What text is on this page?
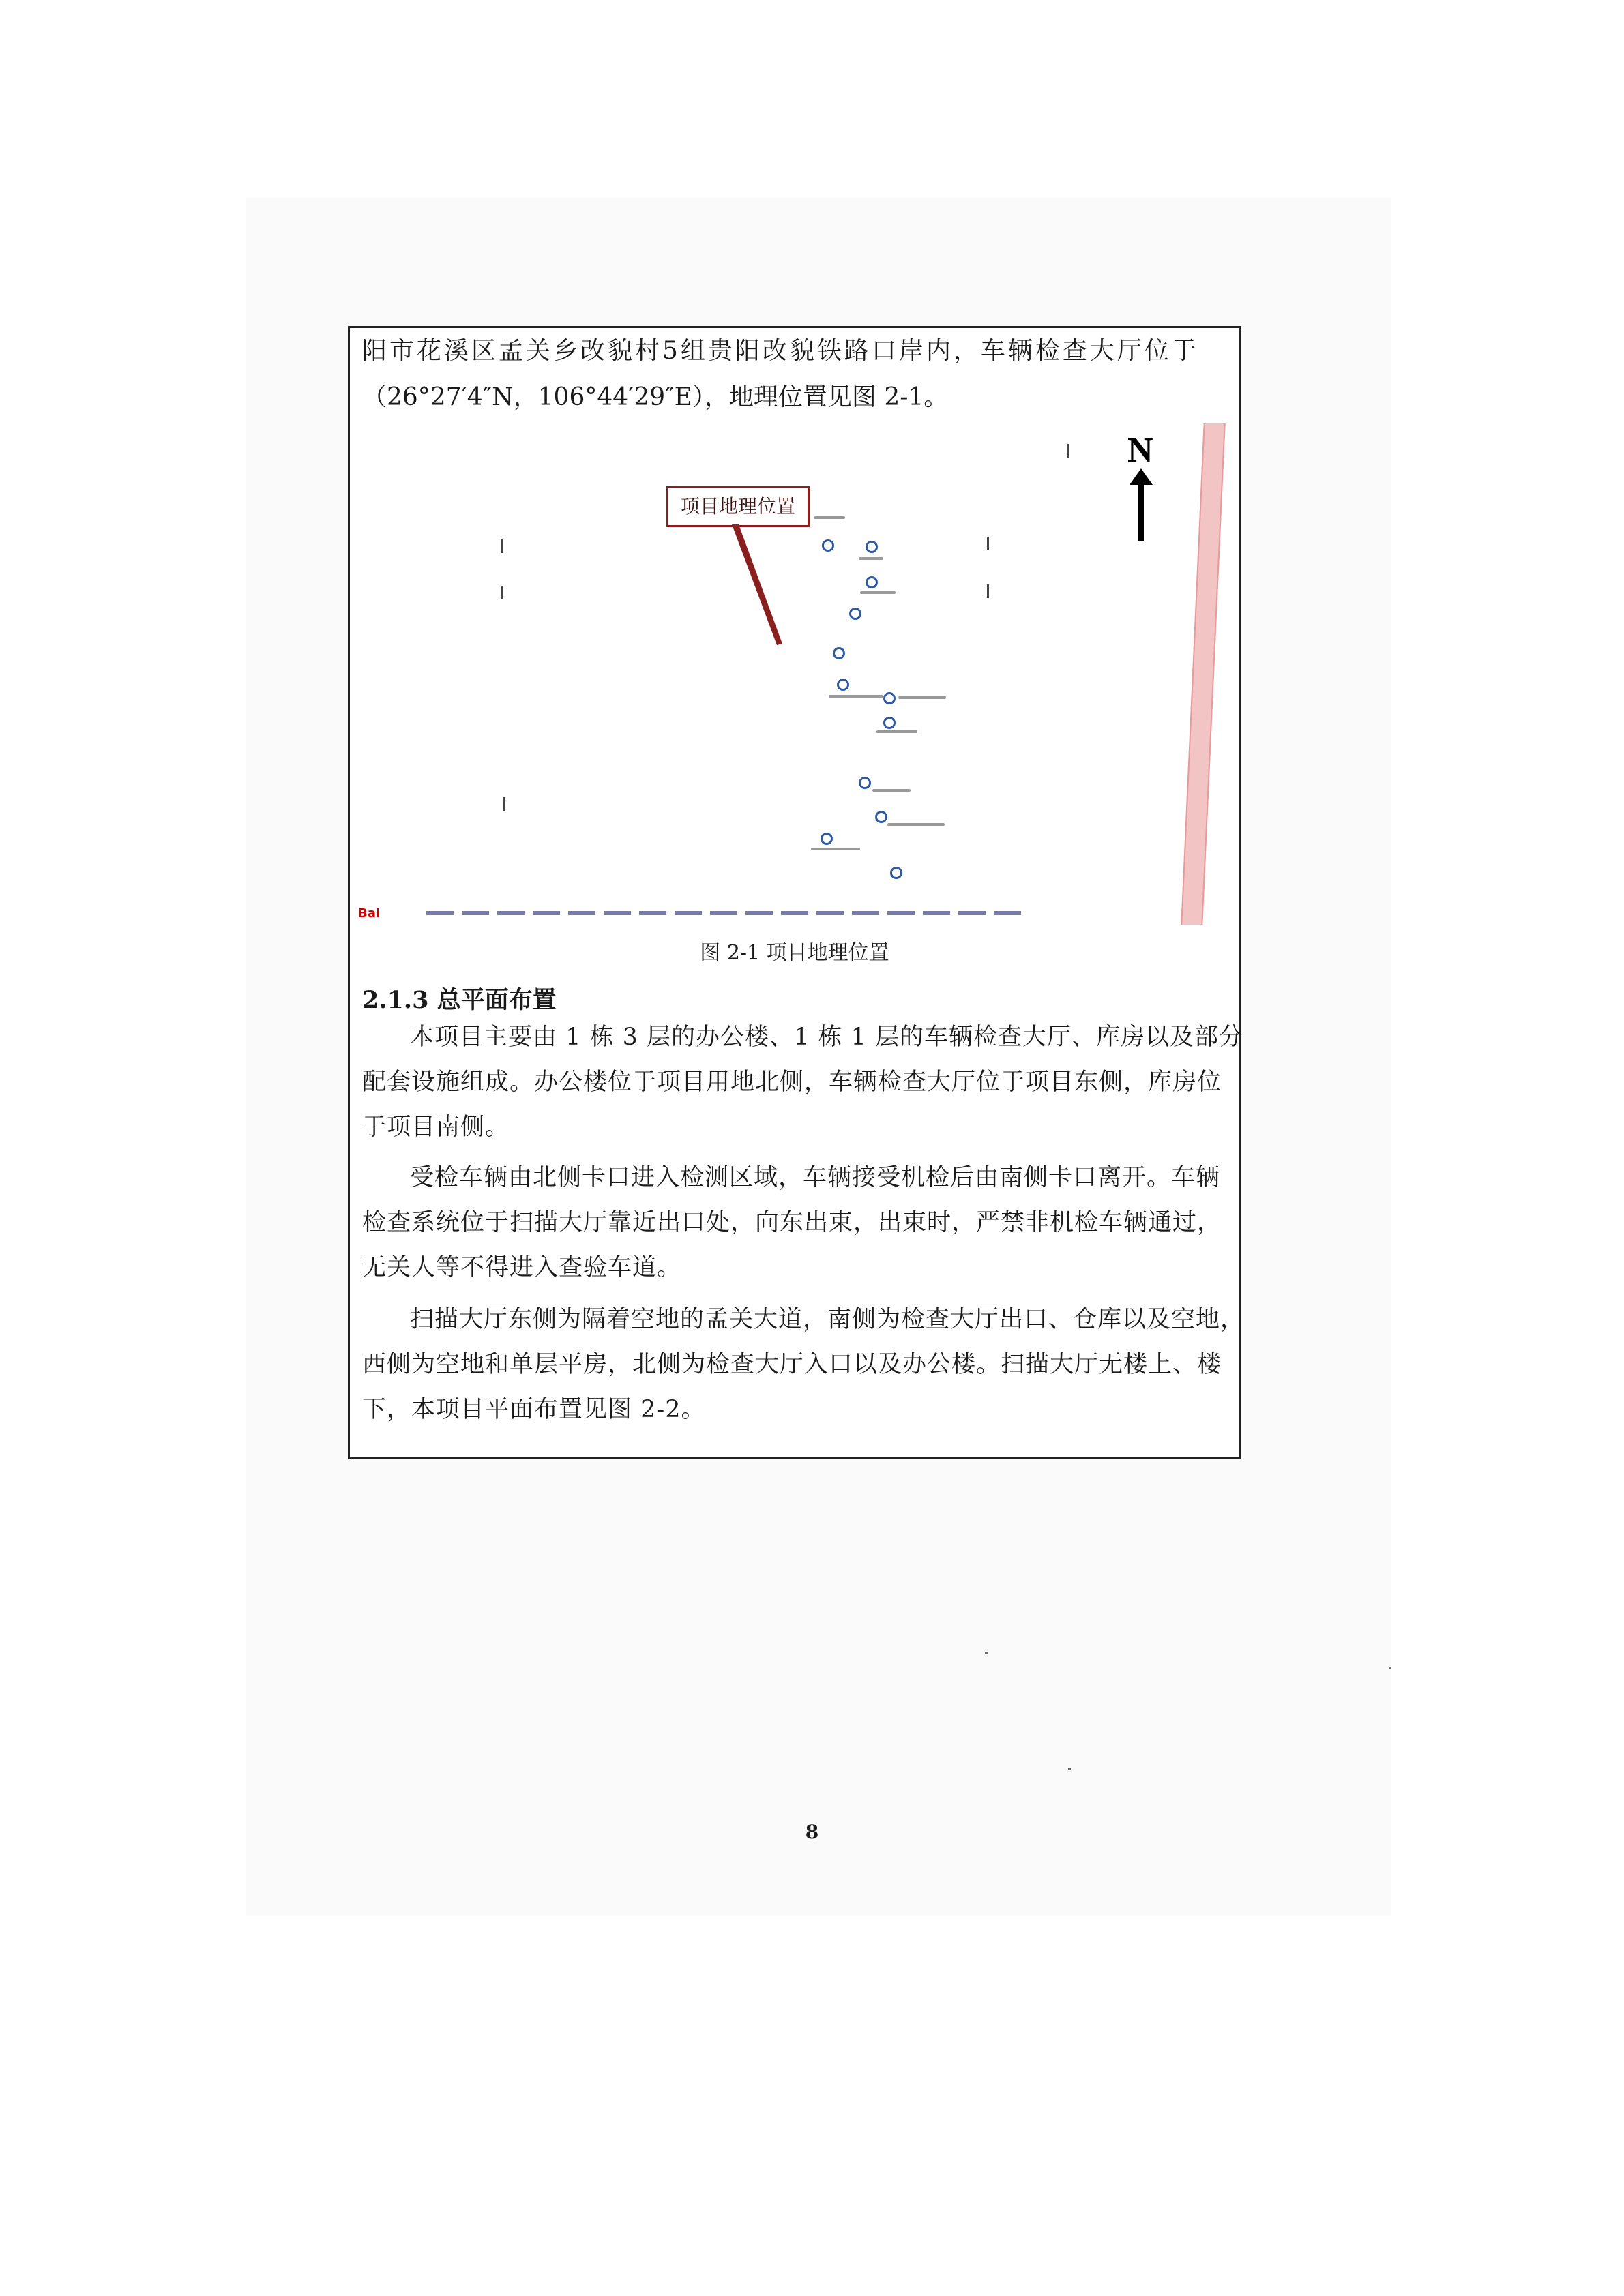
阳市花溪区孟关乡改貌村5组贵阳改貌铁路口岸内，车辆检查大厅位于
（26°27′4″N，106°44′29″E），地理位置见图 2-1。
项目地理位置
N
Bai
图 2-1 项目地理位置
2.1.3 总平面布置
本项目主要由 1 栋 3 层的办公楼、1 栋 1 层的车辆检查大厅、库房以及部分
配套设施组成。办公楼位于项目用地北侧，车辆检查大厅位于项目东侧，库房位
于项目南侧。
受检车辆由北侧卡口进入检测区域，车辆接受机检后由南侧卡口离开。车辆
检查系统位于扫描大厅靠近出口处，向东出束，出束时，严禁非机检车辆通过，
无关人等不得进入查验车道。
扫描大厅东侧为隔着空地的孟关大道，南侧为检查大厅出口、仓库以及空地，
西侧为空地和单层平房，北侧为检查大厅入口以及办公楼。扫描大厅无楼上、楼
下，本项目平面布置见图 2-2。
8
